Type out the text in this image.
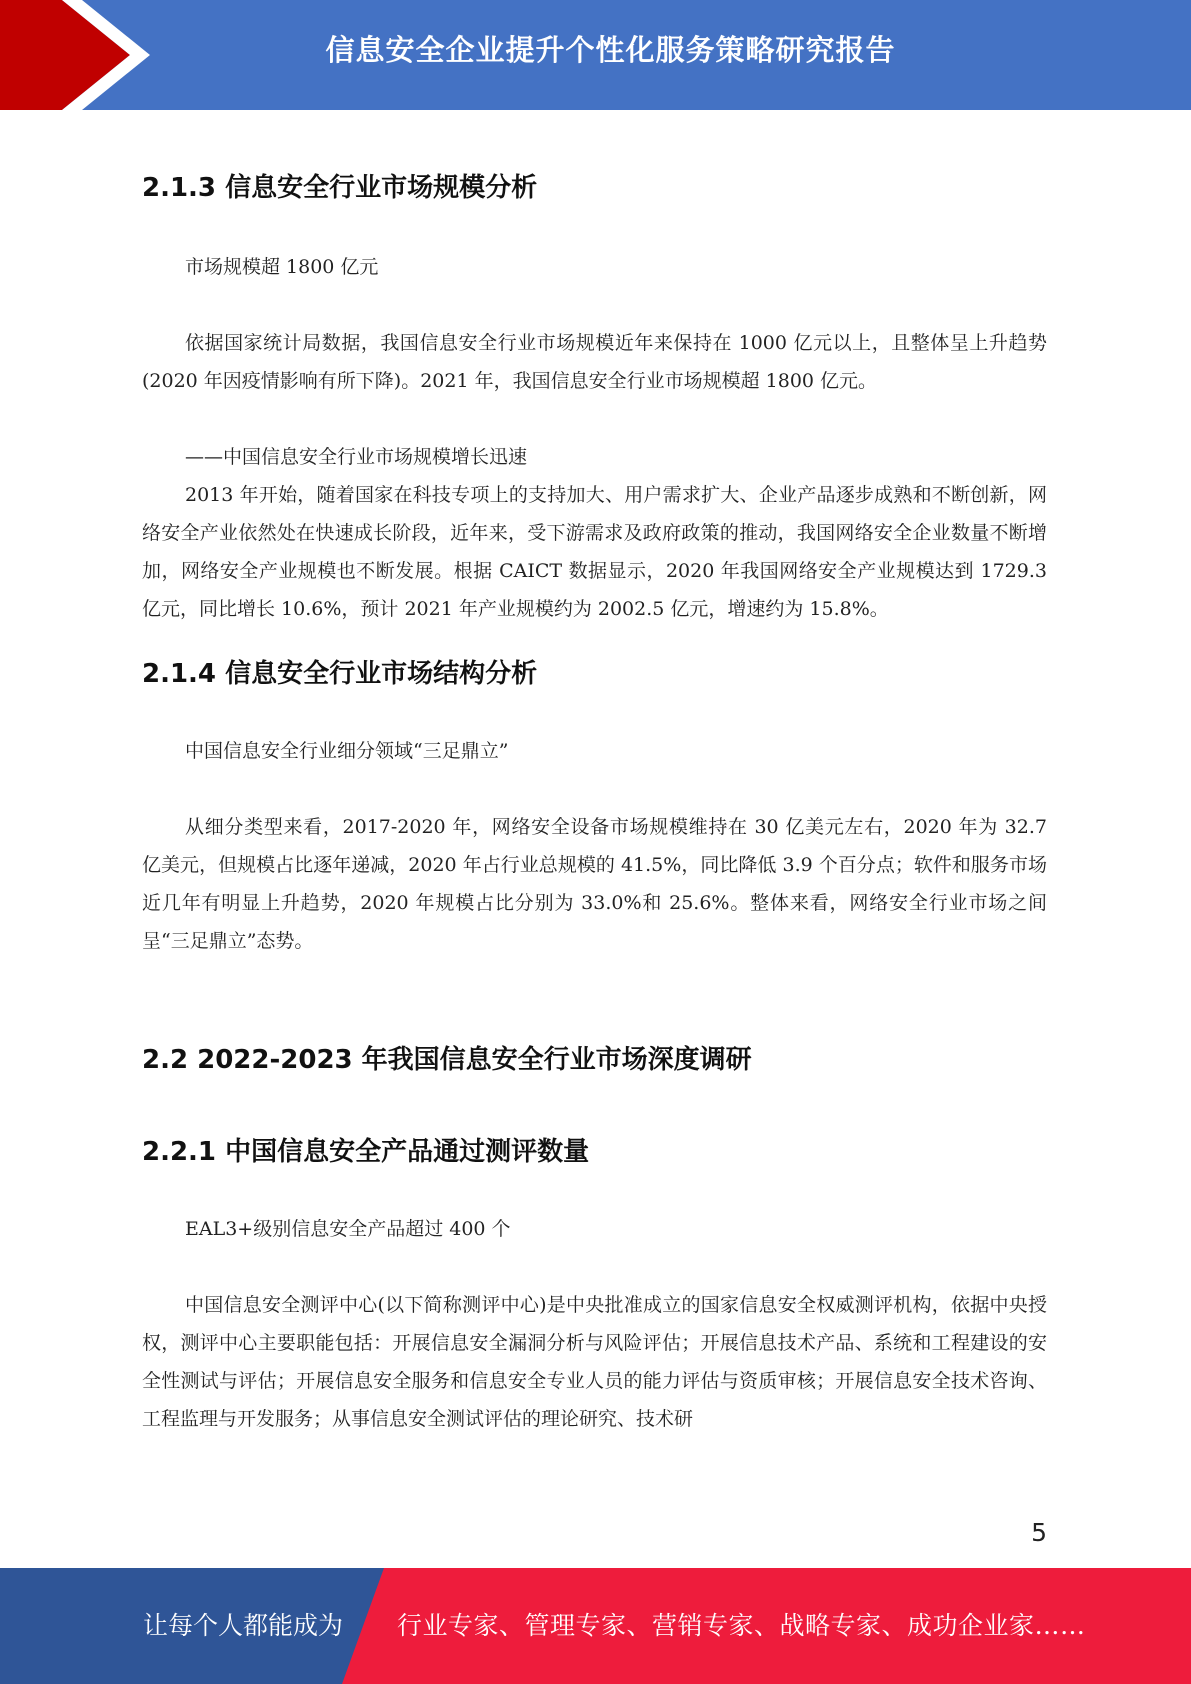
信息安全企业提升个性化服务策略研究报告
2.1.3 信息安全行业市场规模分析

市场规模超 1800 亿元

依据国家统计局数据，我国信息安全行业市场规模近年来保持在 1000 亿元以上，且整体呈上升趋势(2020 年因疫情影响有所下降)。2021 年，我国信息安全行业市场规模超 1800 亿元。

——中国信息安全行业市场规模增长迅速

2013 年开始，随着国家在科技专项上的支持加大、用户需求扩大、企业产品逐步成熟和不断创新，网络安全产业依然处在快速成长阶段，近年来，受下游需求及政府政策的推动，我国网络安全企业数量不断增加，网络安全产业规模也不断发展。根据 CAICT 数据显示，2020 年我国网络安全产业规模达到 1729.3 亿元，同比增长 10.6%，预计 2021 年产业规模约为 2002.5 亿元，增速约为 15.8%。

2.1.4 信息安全行业市场结构分析

中国信息安全行业细分领域“三足鼎立”

从细分类型来看，2017-2020 年，网络安全设备市场规模维持在 30 亿美元左右，2020 年为 32.7 亿美元，但规模占比逐年递减，2020 年占行业总规模的 41.5%，同比降低 3.9 个百分点；软件和服务市场近几年有明显上升趋势，2020 年规模占比分别为 33.0%和 25.6%。整体来看，网络安全行业市场之间呈“三足鼎立”态势。

2.2 2022-2023 年我国信息安全行业市场深度调研
2.2.1 中国信息安全产品通过测评数量

EAL3+级别信息安全产品超过 400 个

中国信息安全测评中心(以下简称测评中心)是中央批准成立的国家信息安全权威测评机构，依据中央授权，测评中心主要职能包括：开展信息安全漏洞分析与风险评估；开展信息技术产品、系统和工程建设的安全性测试与评估；开展信息安全服务和信息安全专业人员的能力评估与资质审核；开展信息安全技术咨询、工程监理与开发服务；从事信息安全测试评估的理论研究、技术研

5
让每个人都能成为 行业专家、管理专家、营销专家、战略专家、成功企业家……
